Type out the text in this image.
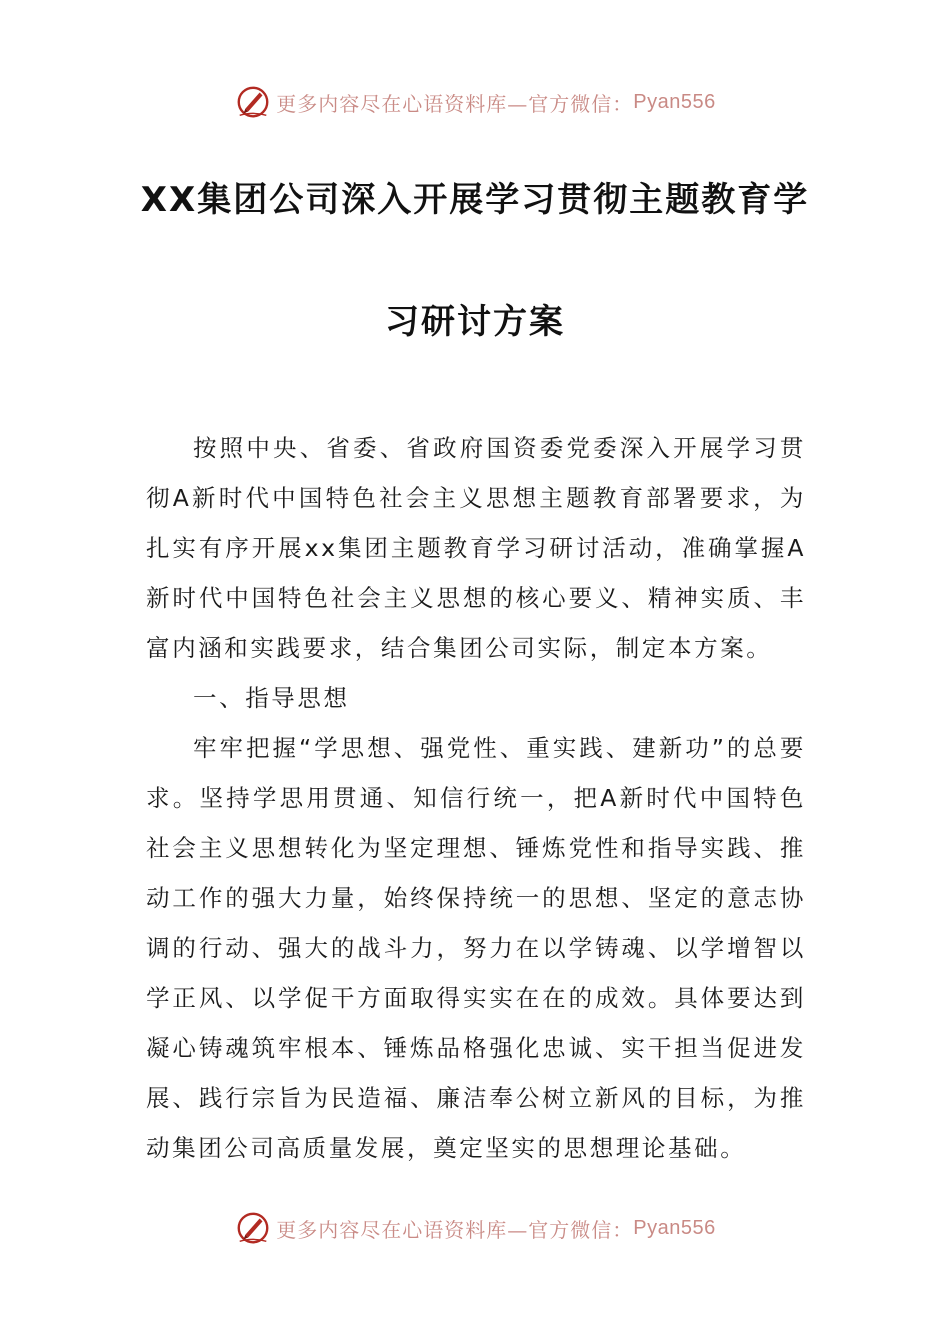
更多内容尽在心语资料库—官方微信： Pyan556
XX集团公司深入开展学习贯彻主题教育学
习研讨方案

按照中央、省委、省政府国资委党委深入开展学习贯彻A新时代中国特色社会主义思想主题教育部署要求，为扎实有序开展xx集团主题教育学习研讨活动，准确掌握A新时代中国特色社会主义思想的核心要义、精神实质、丰富内涵和实践要求，结合集团公司实际，制定本方案。

一、指导思想

牢牢把握“学思想、强党性、重实践、建新功”的总要求。坚持学思用贯通、知信行统一，把A新时代中国特色社会主义思想转化为坚定理想、锤炼党性和指导实践、推动工作的强大力量，始终保持统一的思想、坚定的意志协调的行动、强大的战斗力，努力在以学铸魂、以学增智以学正风、以学促干方面取得实实在在的成效。具体要达到凝心铸魂筑牢根本、锤炼品格强化忠诚、实干担当促进发展、践行宗旨为民造福、廉洁奉公树立新风的目标，为推动集团公司高质量发展，奠定坚实的思想理论基础。

更多内容尽在心语资料库—官方微信： Pyan556
